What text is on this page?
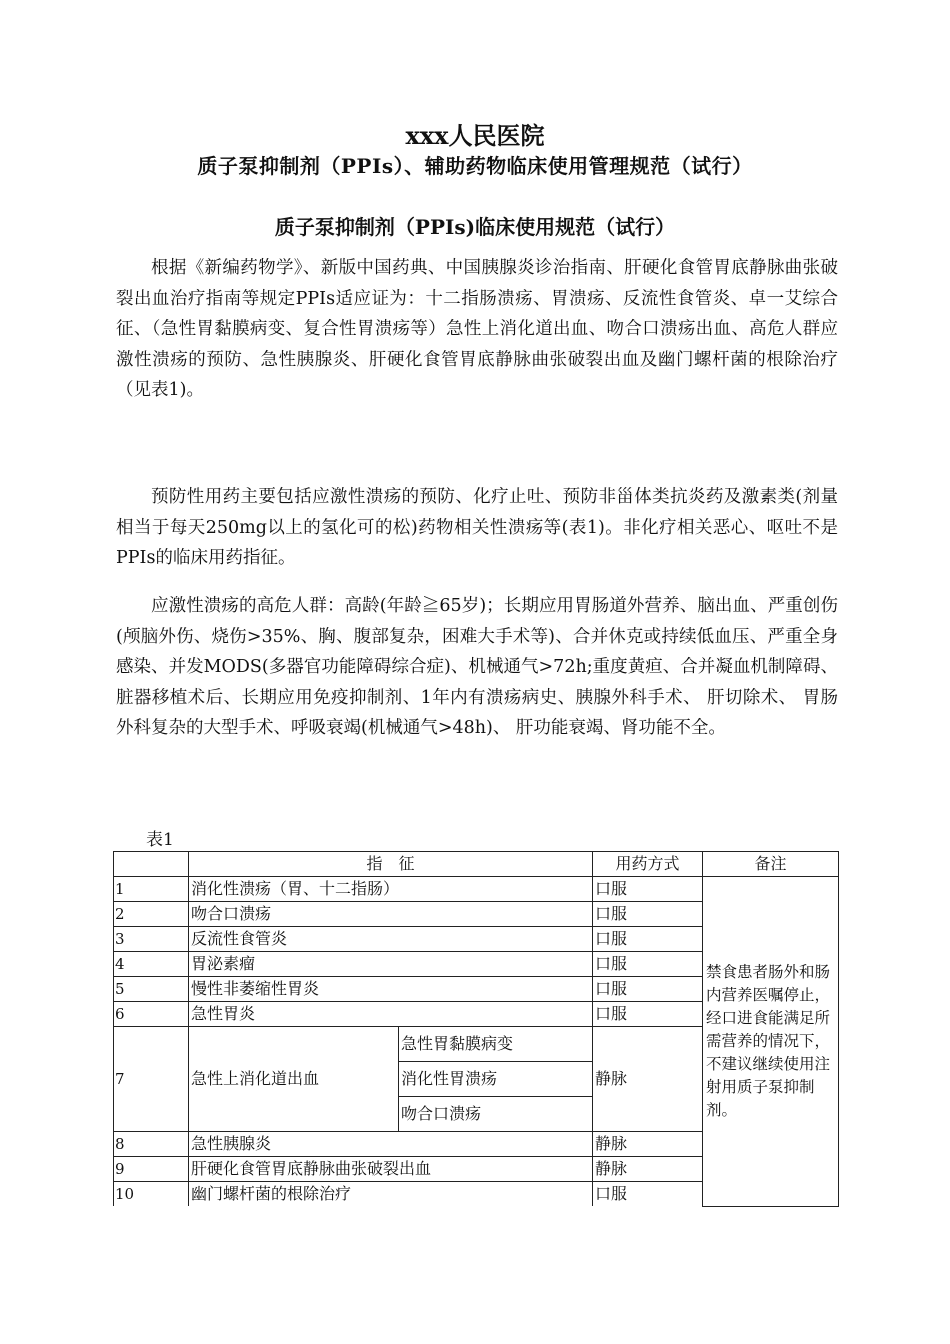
xxx人民医院
质子泵抑制剂（PPIs）、辅助药物临床使用管理规范（试行）
质子泵抑制剂（PPIs)临床使用规范（试行）

根据《新编药物学》、新版中国药典、中国胰腺炎诊治指南、肝硬化食管胃底静脉曲张破裂出血治疗指南等规定PPIs适应证为：十二指肠溃疡、胃溃疡、反流性食管炎、卓一艾综合征、（急性胃黏膜病变、复合性胃溃疡等）急性上消化道出血、吻合口溃疡出血、高危人群应激性溃疡的预防、急性胰腺炎、肝硬化食管胃底静脉曲张破裂出血及幽门螺杆菌的根除治疗（见表1)。

预防性用药主要包括应激性溃疡的预防、化疗止吐、预防非甾体类抗炎药及激素类(剂量相当于每天250mg以上的氢化可的松)药物相关性溃疡等(表1)。非化疗相关恶心、呕吐不是PPIs的临床用药指征。

应激性溃疡的高危人群：高龄(年龄≧65岁)；长期应用胃肠道外营养、脑出血、严重创伤(颅脑外伤、烧伤>35%、胸、腹部复杂，困难大手术等)、合并休克或持续低血压、严重全身感染、并发MODS(多器官功能障碍综合症)、机械通气>72h;重度黄疸、合并凝血机制障碍、脏器移植术后、长期应用免疫抑制剂、1年内有溃疡病史、胰腺外科手术、 肝切除术、 胃肠外科复杂的大型手术、呼吸衰竭(机械通气>48h)、 肝功能衰竭、肾功能不全。

表1
	指　征		用药方式	备注
1	消化性溃疡（胃、十二指肠）		口服	禁食患者肠外和肠内营养医嘱停止，经口进食能满足所需营养的情况下，不建议继续使用注射用质子泵抑制剂。
2	吻合口溃疡		口服	
3	反流性食管炎		口服	
4	胃泌素瘤		口服	
5	慢性非萎缩性胃炎		口服	
6	急性胃炎		口服	
7	急性上消化道出血	急性胃黏膜病变	静脉	
		消化性胃溃疡		
		吻合口溃疡		
8	急性胰腺炎		静脉	
9	肝硬化食管胃底静脉曲张破裂出血		静脉	
10	幽门螺杆菌的根除治疗		口服	
